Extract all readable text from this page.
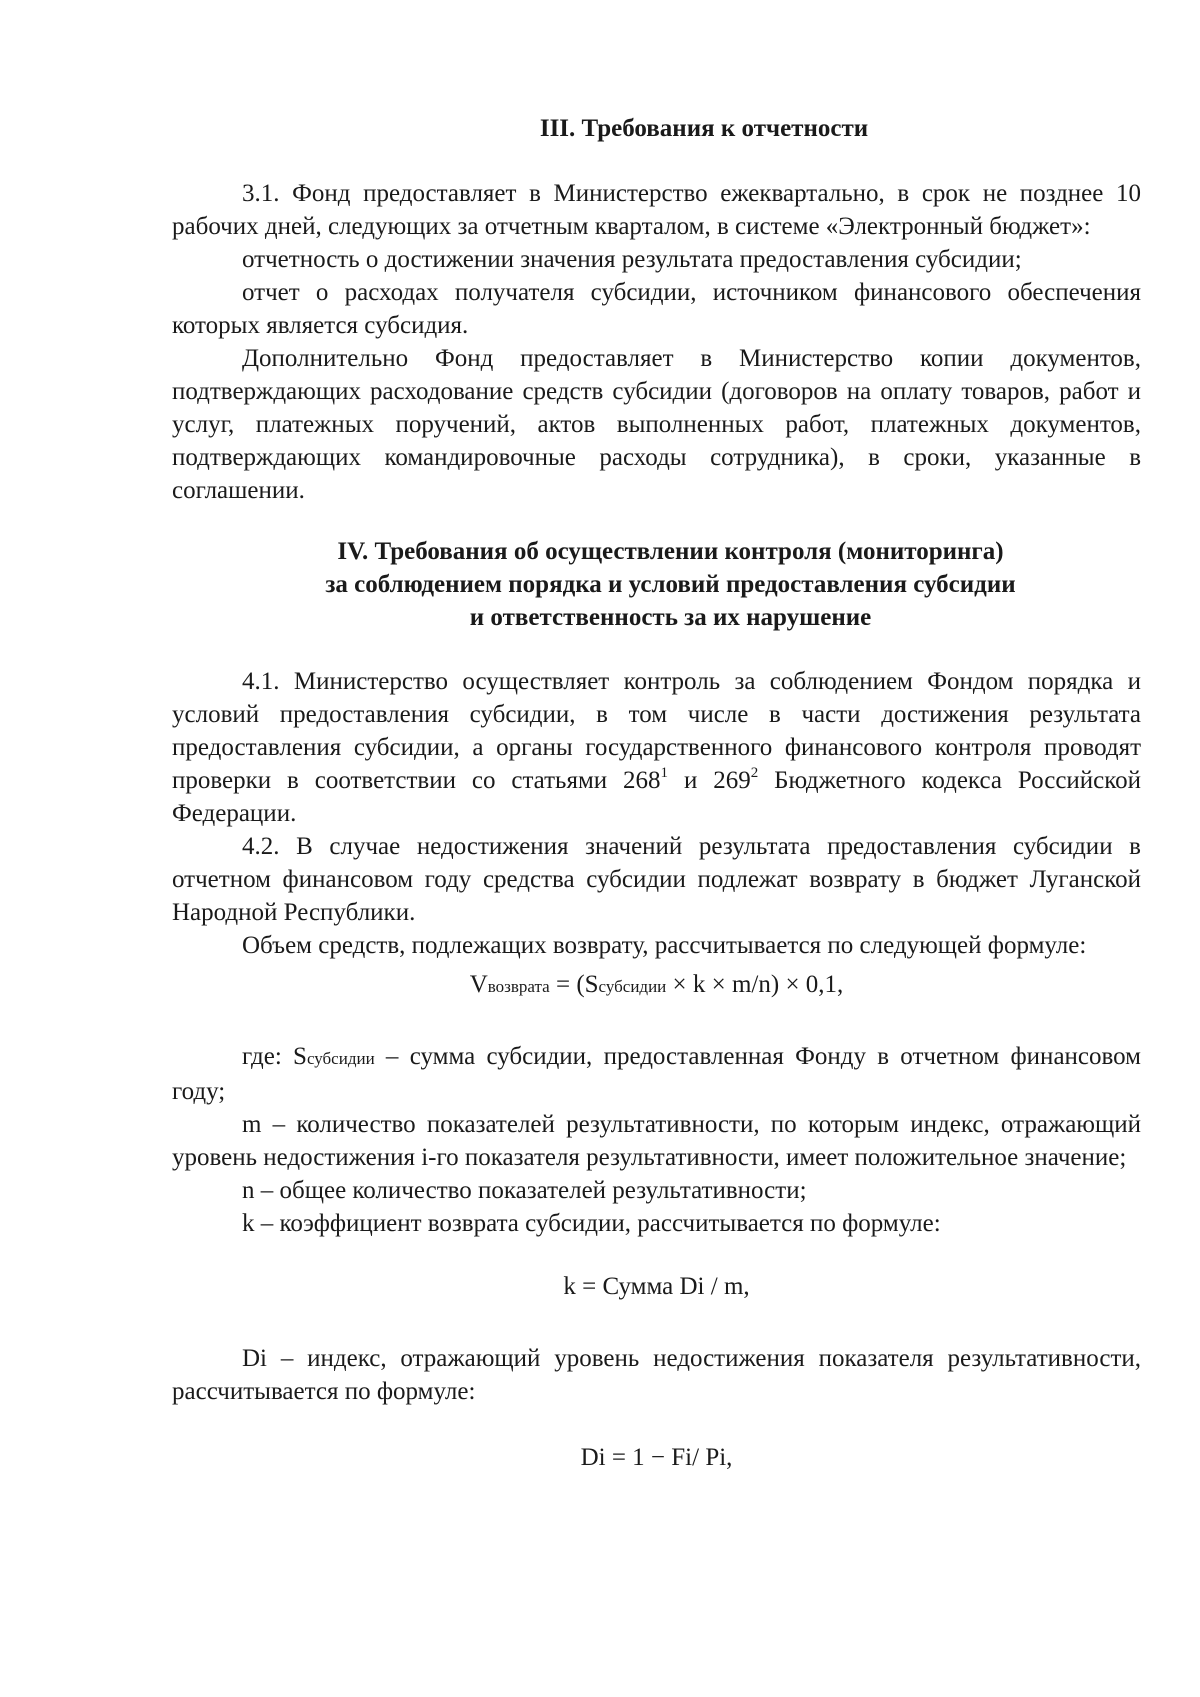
III. Требования к отчетности

3.1. Фонд предоставляет в Министерство ежеквартально, в срок не позднее 10 рабочих дней, следующих за отчетным кварталом, в системе «Электронный бюджет»:

отчетность о достижении значения результата предоставления субсидии;

отчет о расходах получателя субсидии, источником финансового обеспечения которых является субсидия.

Дополнительно Фонд предоставляет в Министерство копии документов, подтверждающих расходование средств субсидии (договоров на оплату товаров, работ и услуг, платежных поручений, актов выполненных работ, платежных документов, подтверждающих командировочные расходы сотрудника), в сроки, указанные в соглашении.

IV. Требования об осуществлении контроля (мониторинга)
за соблюдением порядка и условий предоставления субсидии
и ответственность за их нарушение

4.1. Министерство осуществляет контроль за соблюдением Фондом порядка и условий предоставления субсидии, в том числе в части достижения результата предоставления субсидии, а органы государственного финансового контроля проводят проверки в соответствии со статьями $268^1$ и $269^2$ Бюджетного кодекса Российской Федерации.

4.2. В случае недостижения значений результата предоставления субсидии в отчетном финансовом году средства субсидии подлежат возврату в бюджет Луганской Народной Республики.

Объем средств, подлежащих возврату, рассчитывается по следующей формуле:

Vвозврата = (Sсубсидии × k × m/n) × 0,1,

где: Sсубсидии – сумма субсидии, предоставленная Фонду в отчетном финансовом году;

m – количество показателей результативности, по которым индекс, отражающий уровень недостижения i-го показателя результативности, имеет положительное значение;

n – общее количество показателей результативности;

k – коэффициент возврата субсидии, рассчитывается по формуле:

k = Сумма Di / m,

Di – индекс, отражающий уровень недостижения показателя результативности, рассчитывается по формуле:

Di = 1 − Fi/ Pi,
